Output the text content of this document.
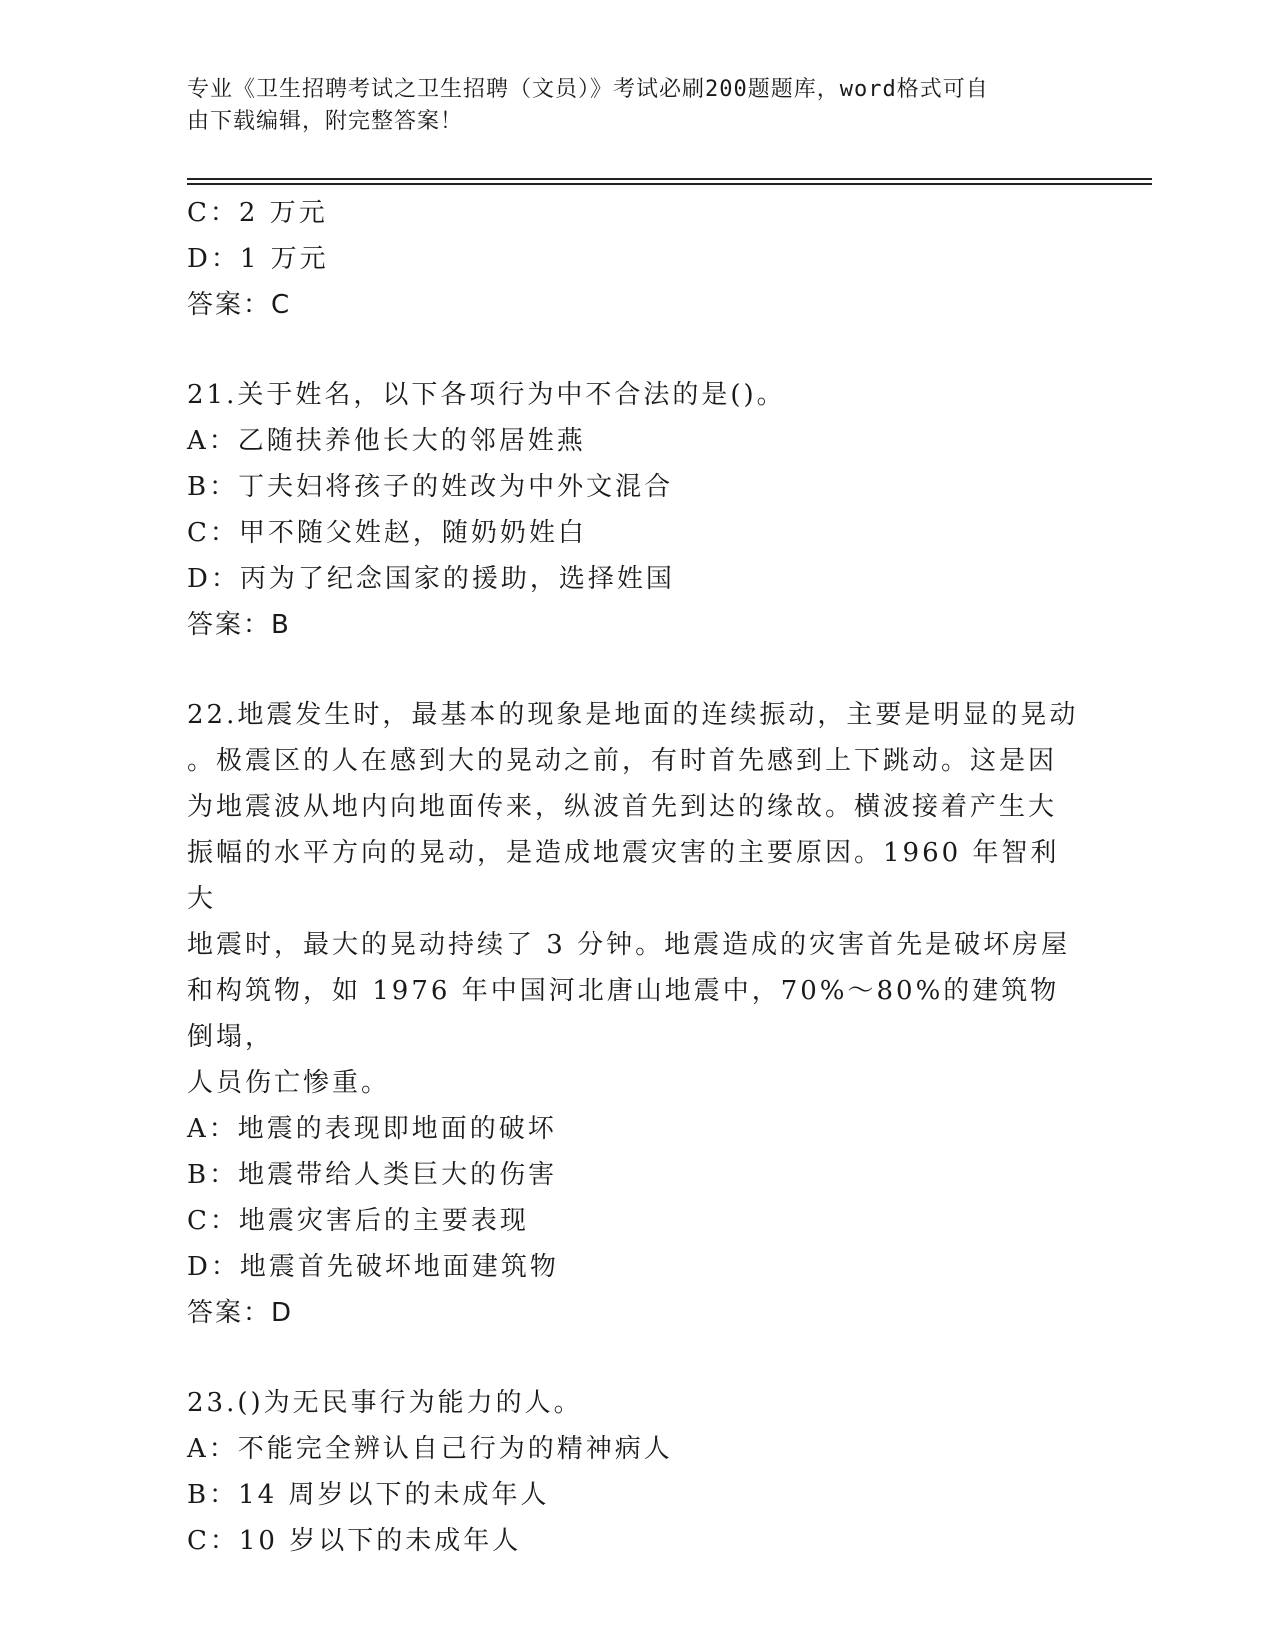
专业《卫生招聘考试之卫生招聘（文员）》考试必刷200题题库，word格式可自
由下载编辑，附完整答案！
C：2 万元
D：1 万元
答案：C
21.关于姓名，以下各项行为中不合法的是()。
A：乙随扶养他长大的邻居姓燕
B：丁夫妇将孩子的姓改为中外文混合
C：甲不随父姓赵，随奶奶姓白
D：丙为了纪念国家的援助，选择姓国
答案：B
22.地震发生时，最基本的现象是地面的连续振动，主要是明显的晃动
。极震区的人在感到大的晃动之前，有时首先感到上下跳动。这是因
为地震波从地内向地面传来，纵波首先到达的缘故。横波接着产生大
振幅的水平方向的晃动，是造成地震灾害的主要原因。1960 年智利大
地震时，最大的晃动持续了 3 分钟。地震造成的灾害首先是破坏房屋
和构筑物，如 1976 年中国河北唐山地震中，70%～80%的建筑物倒塌，
人员伤亡惨重。
A：地震的表现即地面的破坏
B：地震带给人类巨大的伤害
C：地震灾害后的主要表现
D：地震首先破坏地面建筑物
答案：D
23.()为无民事行为能力的人。
A：不能完全辨认自己行为的精神病人
B：14 周岁以下的未成年人
C：10 岁以下的未成年人
